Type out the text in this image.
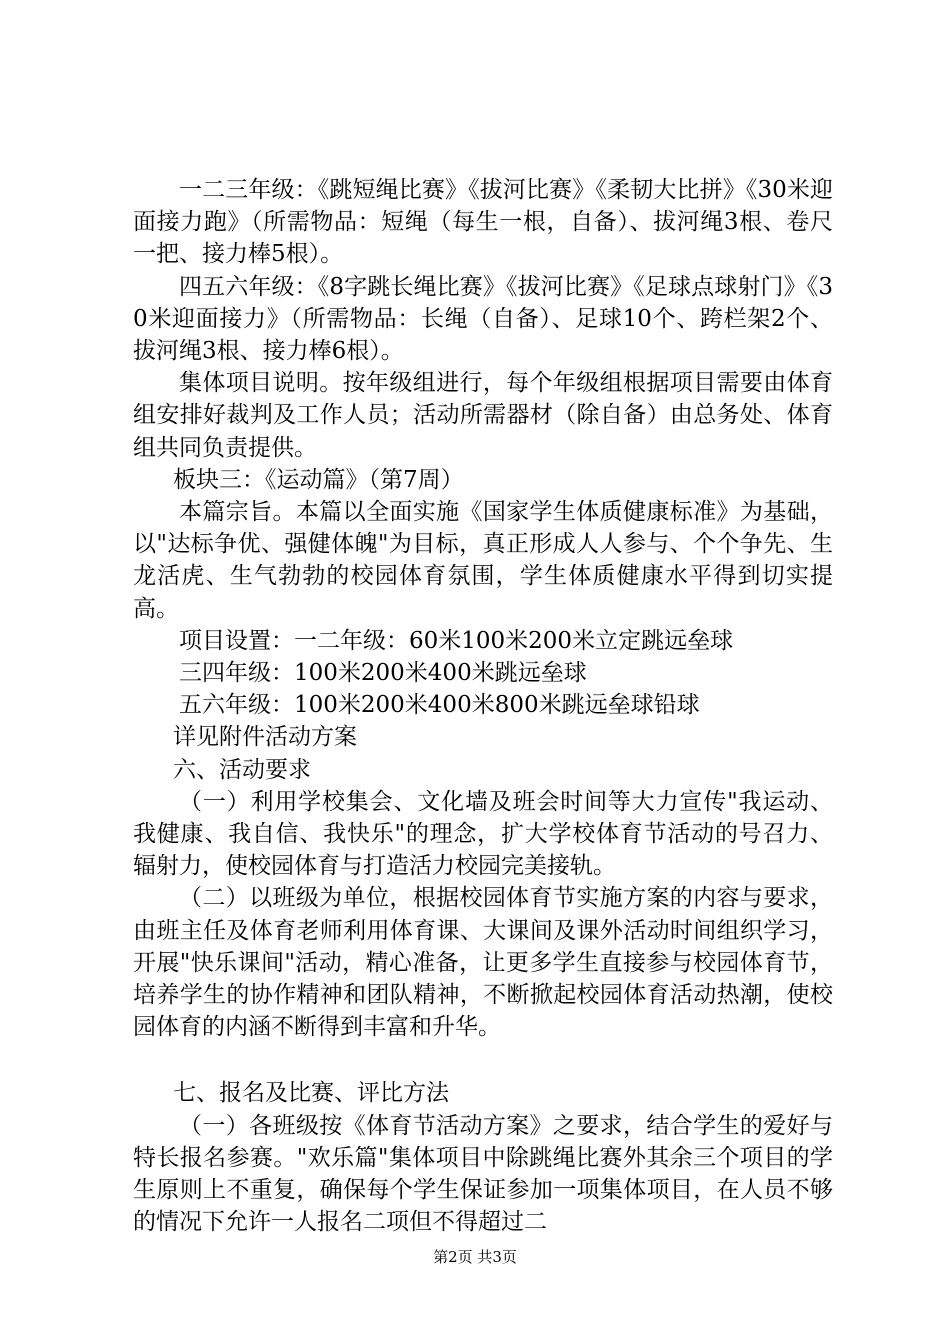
一二三年级：《跳短绳比赛》《拔河比赛》《柔韧大比拼》《30米迎面接力跑》（所需物品：短绳（每生一根，自备）、拔河绳3根、卷尺一把、接力棒5根）。

四五六年级：《8字跳长绳比赛》《拔河比赛》《足球点球射门》《30米迎面接力》（所需物品：长绳（自备）、足球10个、跨栏架2个、拔河绳3根、接力棒6根）。

集体项目说明。按年级组进行，每个年级组根据项目需要由体育组安排好裁判及工作人员；活动所需器材（除自备）由总务处、体育组共同负责提供。

板块三：《运动篇》（第7周）

本篇宗旨。本篇以全面实施《国家学生体质健康标准》为基础，以"达标争优、强健体魄"为目标，真正形成人人参与、个个争先、生龙活虎、生气勃勃的校园体育氛围，学生体质健康水平得到切实提高。

项目设置：一二年级：60米100米200米立定跳远垒球

三四年级：100米200米400米跳远垒球

五六年级：100米200米400米800米跳远垒球铅球

详见附件活动方案

六、活动要求

（一）利用学校集会、文化墙及班会时间等大力宣传"我运动、我健康、我自信、我快乐"的理念，扩大学校体育节活动的号召力、辐射力，使校园体育与打造活力校园完美接轨。

（二）以班级为单位，根据校园体育节实施方案的内容与要求，由班主任及体育老师利用体育课、大课间及课外活动时间组织学习，开展"快乐课间"活动，精心准备，让更多学生直接参与校园体育节，培养学生的协作精神和团队精神，不断掀起校园体育活动热潮，使校园体育的内涵不断得到丰富和升华。

七、报名及比赛、评比方法

（一）各班级按《体育节活动方案》之要求，结合学生的爱好与特长报名参赛。"欢乐篇"集体项目中除跳绳比赛外其余三个项目的学生原则上不重复，确保每个学生保证参加一项集体项目，在人员不够的情况下允许一人报名二项但不得超过二

第2页 共3页
